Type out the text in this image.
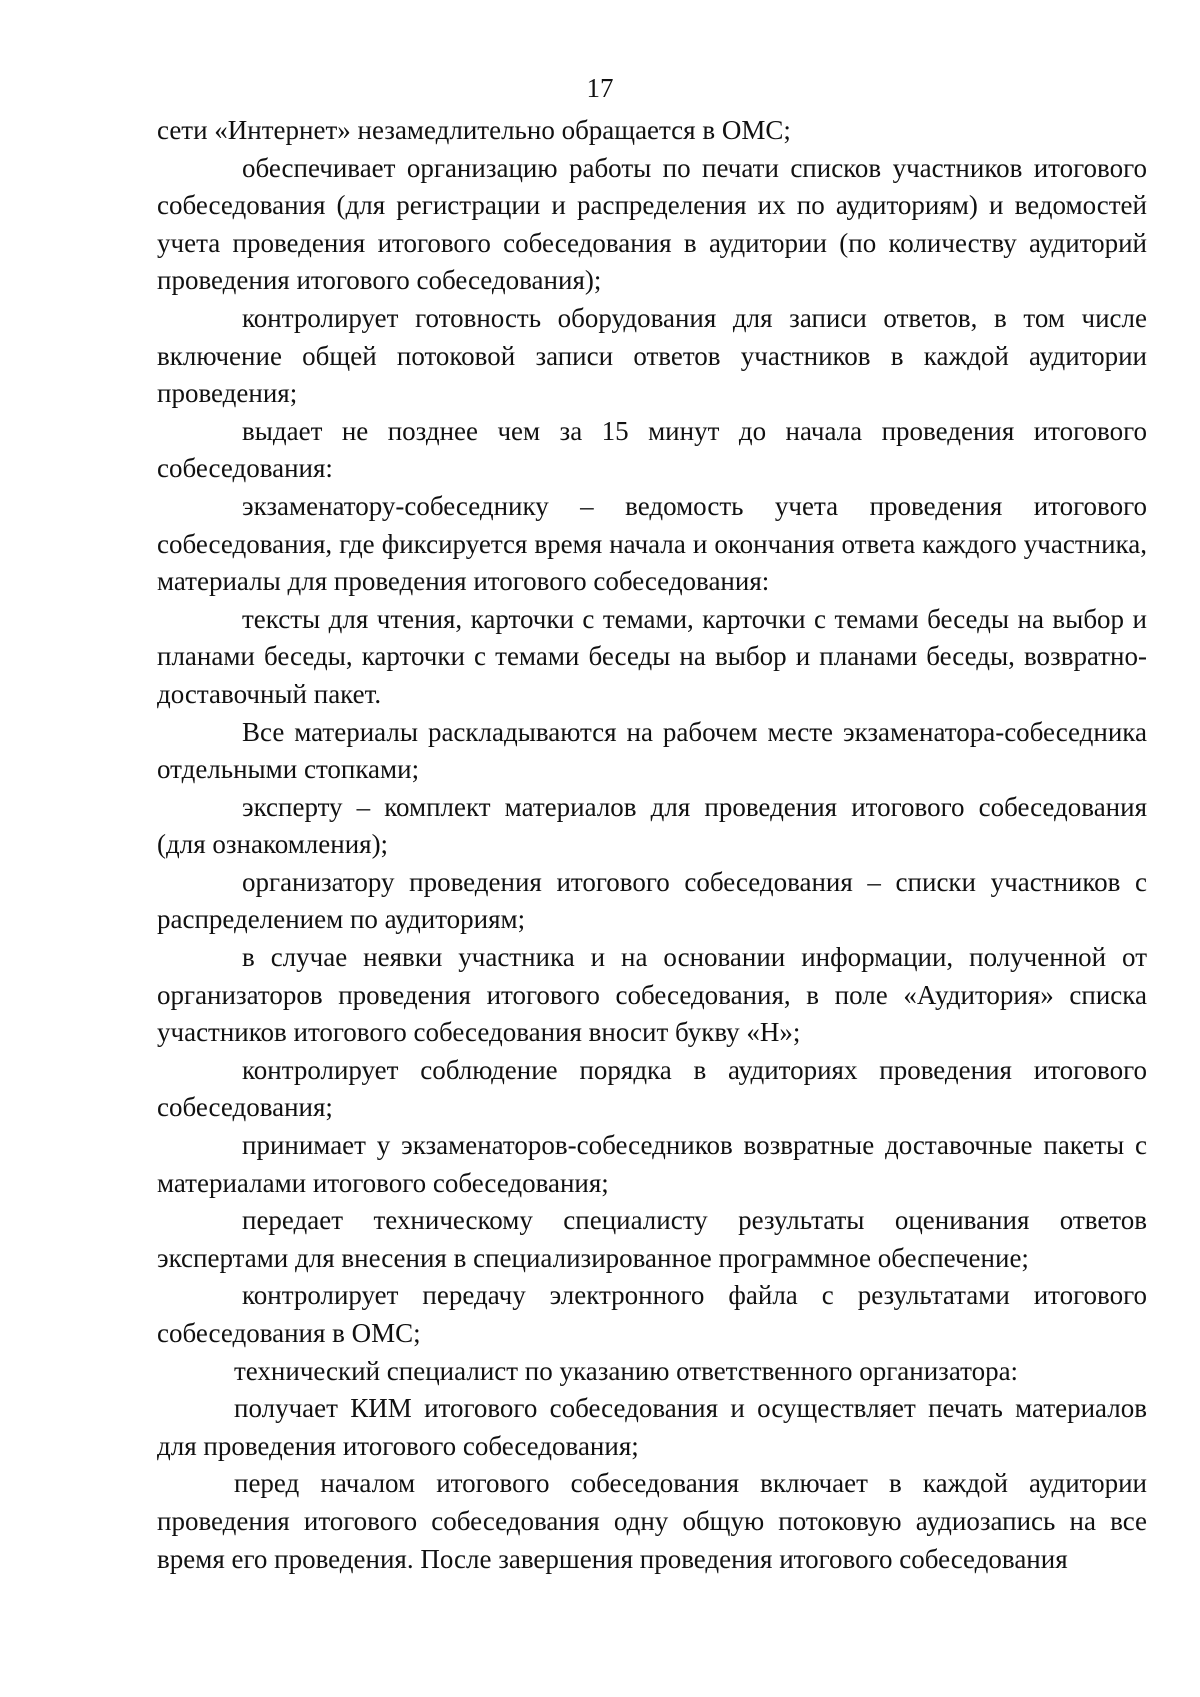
17

сети «Интернет» незамедлительно обращается в ОМС;

обеспечивает организацию работы по печати списков участников итогового собеседования (для регистрации и распределения их по аудиториям) и ведомостей учета проведения итогового собеседования в аудитории (по количеству аудиторий проведения итогового собеседования);

контролирует готовность оборудования для записи ответов, в том числе включение общей потоковой записи ответов участников в каждой аудитории проведения;

выдает не позднее чем за 15 минут до начала проведения итогового собеседования:

экзаменатору-собеседнику – ведомость учета проведения итогового собеседования, где фиксируется время начала и окончания ответа каждого участника, материалы для проведения итогового собеседования:

тексты для чтения, карточки с темами, карточки с темами беседы на выбор и планами беседы, карточки с темами беседы на выбор и планами беседы, возвратно-доставочный пакет.

Все материалы раскладываются на рабочем месте экзаменатора-собеседника отдельными стопками;

эксперту – комплект материалов для проведения итогового собеседования (для ознакомления);

организатору проведения итогового собеседования – списки участников с распределением по аудиториям;

в случае неявки участника и на основании информации, полученной от организаторов проведения итогового собеседования, в поле «Аудитория» списка участников итогового собеседования вносит букву «Н»;

контролирует соблюдение порядка в аудиториях проведения итогового собеседования;

принимает у экзаменаторов-собеседников возвратные доставочные пакеты с материалами итогового собеседования;

передает техническому специалисту результаты оценивания ответов экспертами для внесения в специализированное программное обеспечение;

контролирует передачу электронного файла с результатами итогового собеседования в ОМС;

технический специалист по указанию ответственного организатора:

получает КИМ итогового собеседования и осуществляет печать материалов для проведения итогового собеседования;

перед началом итогового собеседования включает в каждой аудитории проведения итогового собеседования одну общую потоковую аудиозапись на все время его проведения. После завершения проведения итогового собеседования
